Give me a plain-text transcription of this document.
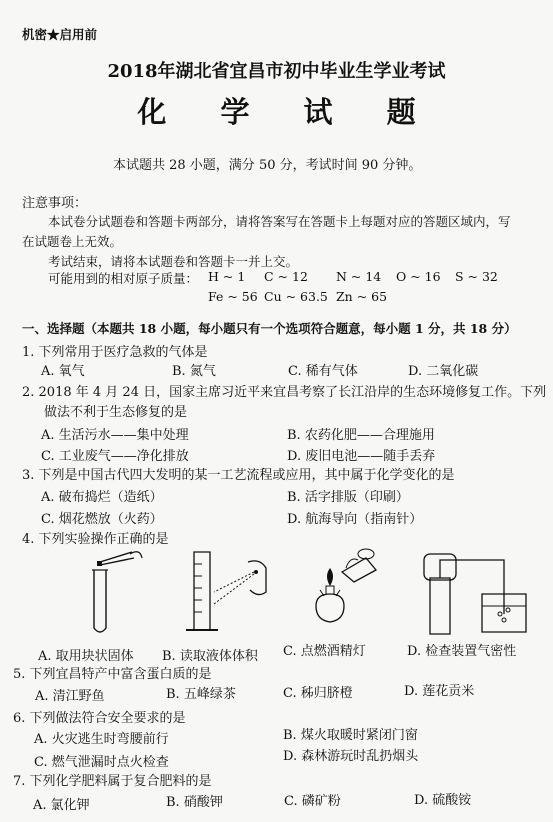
机密★启用前
2018年湖北省宜昌市初中毕业生学业考试
化 学 试 题
本试题共 28 小题，满分 50 分，考试时间 90 分钟。
注意事项：
本试卷分试题卷和答题卡两部分，请将答案写在答题卡上每题对应的答题区域内，写
在试题卷上无效。
考试结束，请将本试题卷和答题卡一并上交。
可能用到的相对原子质量： H ~ 1 C ~ 12 N ~ 14 O ~ 16 S ~ 32
Fe ~ 56 Cu ~ 63.5 Zn ~ 65
一、选择题（本题共 18 小题，每小题只有一个选项符合题意，每小题 1 分，共 18 分）
1. 下列常用于医疗急救的气体是
A. 氧气	B. 氮气	C. 稀有气体	D. 二氧化碳
2. 2018 年 4 月 24 日，国家主席习近平来宜昌考察了长江沿岸的生态环境修复工作。下列
做法不利于生态修复的是
A. 生活污水——集中处理	B. 农药化肥——合理施用
C. 工业废气——净化排放	D. 废旧电池——随手丢弃
3. 下列是中国古代四大发明的某一工艺流程或应用，其中属于化学变化的是
A. 破布捣烂（造纸）	B. 活字排版（印刷）
C. 烟花燃放（火药）	D. 航海导向（指南针）
4. 下列实验操作正确的是
A. 取用块状固体 B. 读取液体体积 C. 点燃酒精灯	D. 检查装置气密性
5. 下列宜昌特产中富含蛋白质的是
A. 清江野鱼	B. 五峰绿茶	C. 秭归脐橙	D. 莲花贡米
6. 下列做法符合安全要求的是
A. 火灾逃生时弯腰前行	B. 煤火取暖时紧闭门窗
C. 燃气泄漏时点火检查	D. 森林游玩时乱扔烟头
7. 下列化学肥料属于复合肥料的是
A. 氯化钾	B. 硝酸钾	C. 磷矿粉	D. 硫酸铵
